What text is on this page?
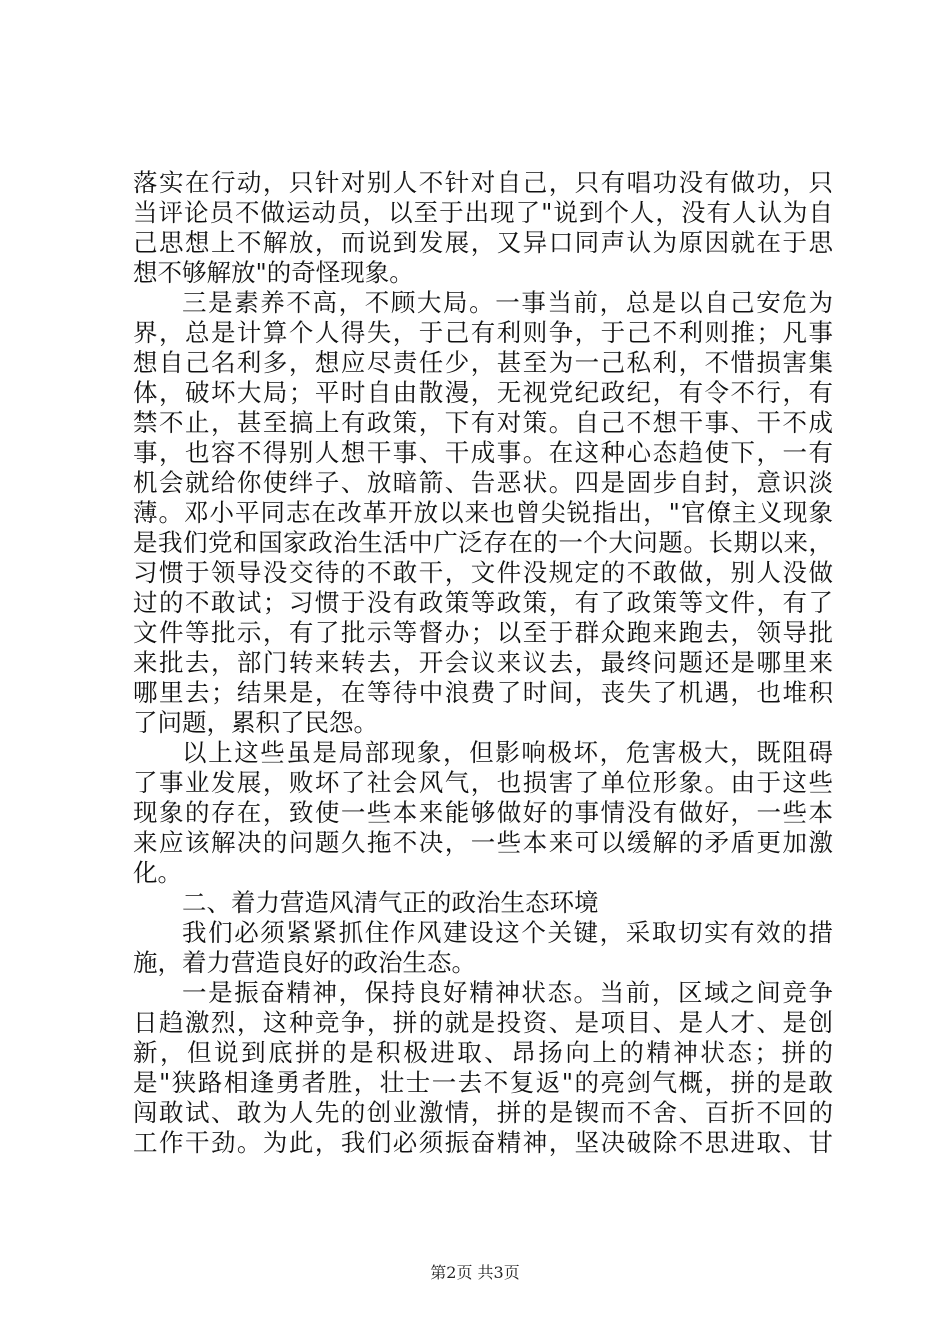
落实在行动，只针对别人不针对自己，只有唱功没有做功，只
当评论员不做运动员，以至于出现了"说到个人，没有人认为自
己思想上不解放，而说到发展，又异口同声认为原因就在于思
想不够解放"的奇怪现象。
三是素养不高，不顾大局。一事当前，总是以自己安危为
界，总是计算个人得失，于己有利则争，于己不利则推；凡事
想自己名利多，想应尽责任少，甚至为一己私利，不惜损害集
体，破坏大局；平时自由散漫，无视党纪政纪，有令不行，有
禁不止，甚至搞上有政策，下有对策。自己不想干事、干不成
事，也容不得别人想干事、干成事。在这种心态趋使下，一有
机会就给你使绊子、放暗箭、告恶状。四是固步自封，意识淡
薄。邓小平同志在改革开放以来也曾尖锐指出，"官僚主义现象
是我们党和国家政治生活中广泛存在的一个大问题。长期以来，
习惯于领导没交待的不敢干，文件没规定的不敢做，别人没做
过的不敢试；习惯于没有政策等政策，有了政策等文件，有了
文件等批示，有了批示等督办；以至于群众跑来跑去，领导批
来批去，部门转来转去，开会议来议去，最终问题还是哪里来
哪里去；结果是，在等待中浪费了时间，丧失了机遇，也堆积
了问题，累积了民怨。
以上这些虽是局部现象，但影响极坏，危害极大，既阻碍
了事业发展，败坏了社会风气，也损害了单位形象。由于这些
现象的存在，致使一些本来能够做好的事情没有做好，一些本
来应该解决的问题久拖不决，一些本来可以缓解的矛盾更加激
化。
二、着力营造风清气正的政治生态环境
我们必须紧紧抓住作风建设这个关键，采取切实有效的措
施，着力营造良好的政治生态。
一是振奋精神，保持良好精神状态。当前，区域之间竞争
日趋激烈，这种竞争，拼的就是投资、是项目、是人才、是创
新，但说到底拼的是积极进取、昂扬向上的精神状态；拼的
是"狭路相逢勇者胜，壮士一去不复返"的亮剑气概，拼的是敢
闯敢试、敢为人先的创业激情，拼的是锲而不舍、百折不回的
工作干劲。为此，我们必须振奋精神，坚决破除不思进取、甘
第2页 共3页
